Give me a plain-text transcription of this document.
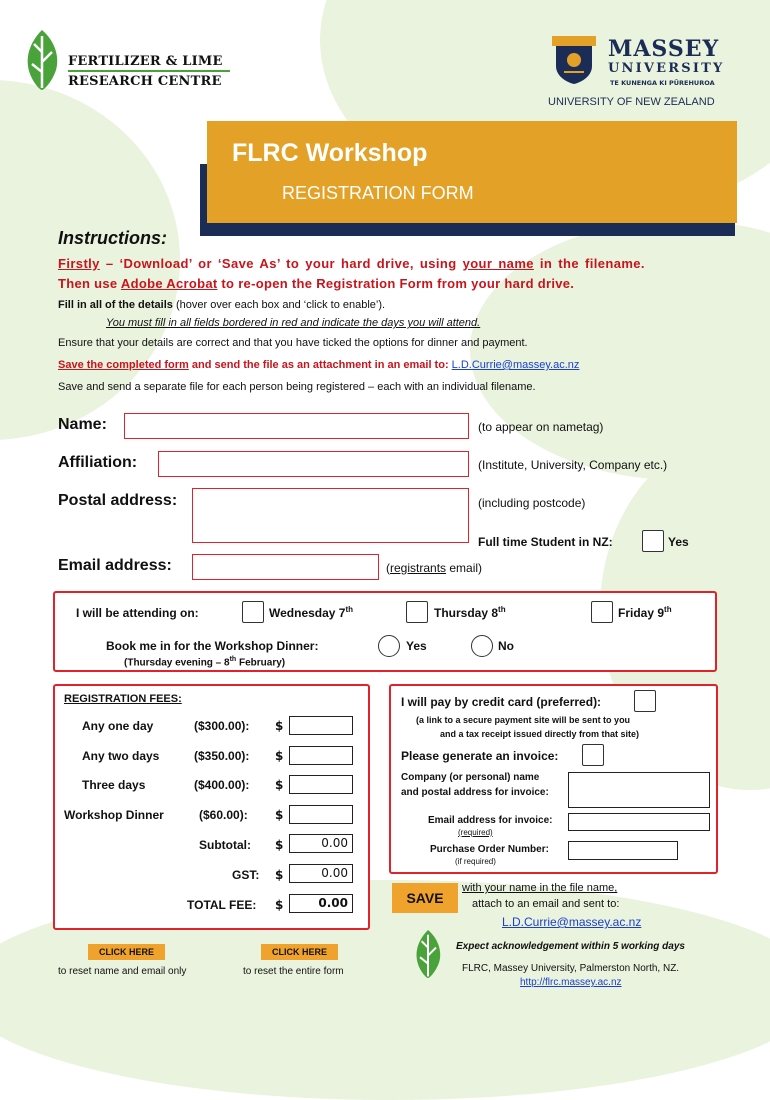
FERTILIZER & LIME
RESEARCH CENTRE
MASSEY
UNIVERSITY
TE KUNENGA KI PŪREHUROA
UNIVERSITY OF NEW ZEALAND
FLRC Workshop
REGISTRATION FORM
Instructions:
Firstly – ‘Download’ or ‘Save As’ to your hard drive, using your name in the filename.
Then use Adobe Acrobat to re-open the Registration Form from your hard drive.
Fill in all of the details (hover over each box and ‘click to enable’).
You must fill in all fields bordered in red and indicate the days you will attend.
Ensure that your details are correct and that you have ticked the options for dinner and payment.
Save the completed form and send the file as an attachment in an email to: L.D.Currie@massey.ac.nz
Save and send a separate file for each person being registered – each with an individual filename.
Name:	(to appear on nametag)
Affiliation:	(Institute, University, Company etc.)
Postal address:	(including postcode)
Full time Student in NZ:	Yes
Email address:	(registrants email)
I will be attending on:	Wednesday 7th	Thursday 8th	Friday 9th
Book me in for the Workshop Dinner:
(Thursday evening – 8th February)
Yes	No
REGISTRATION FEES:
Any one day	($300.00): $
Any two days	($350.00): $
Three days	($400.00): $
Workshop Dinner	($60.00): $
Subtotal: $	0.00
GST: $	0.00
TOTAL FEE: $	0.00
I will pay by credit card (preferred):
(a link to a secure payment site will be sent to you
and a tax receipt issued directly from that site)
Please generate an invoice:
Company (or personal) name
and postal address for invoice:
Email address for invoice:
(required)
Purchase Order Number:
(if required)
SAVE
with your name in the file name,
attach to an email and sent to:
L.D.Currie@massey.ac.nz
CLICK HERE
to reset name and email only
CLICK HERE
to reset the entire form
Expect acknowledgement within 5 working days
FLRC, Massey University, Palmerston North, NZ.
http://flrc.massey.ac.nz
